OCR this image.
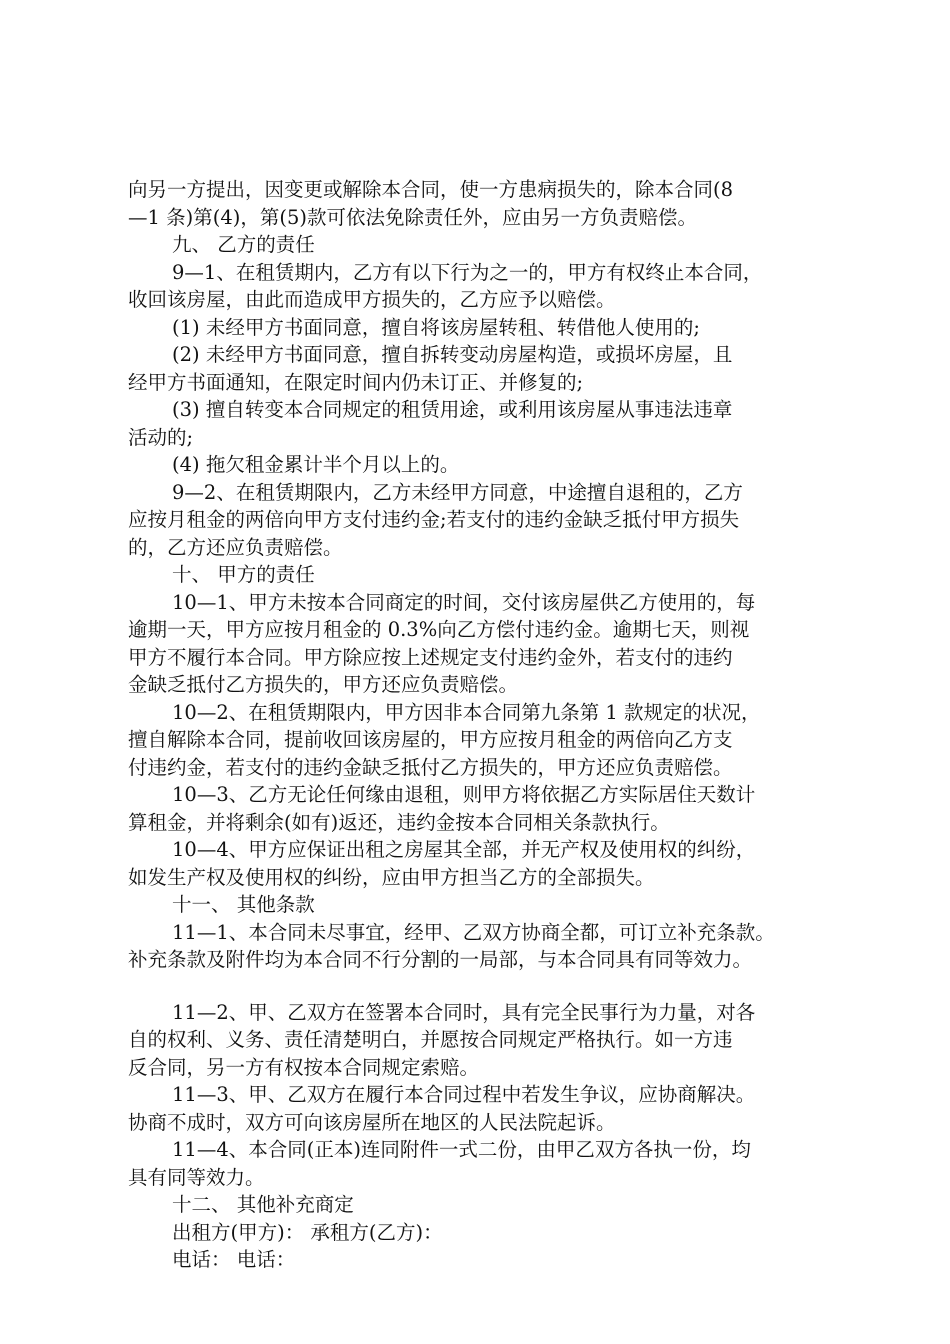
向另一方提出，因变更或解除本合同，使一方患病损失的，除本合同(8
—1 条)第(4)，第(5)款可依法免除责任外，应由另一方负责赔偿。
九、 乙方的责任
9—1、在租赁期内，乙方有以下行为之一的，甲方有权终止本合同，
收回该房屋，由此而造成甲方损失的，乙方应予以赔偿。
(1) 未经甲方书面同意，擅自将该房屋转租、转借他人使用的;
(2) 未经甲方书面同意，擅自拆转变动房屋构造，或损坏房屋，且
经甲方书面通知，在限定时间内仍未订正、并修复的;
(3) 擅自转变本合同规定的租赁用途，或利用该房屋从事违法违章
活动的;
(4) 拖欠租金累计半个月以上的。
9—2、在租赁期限内，乙方未经甲方同意，中途擅自退租的，乙方
应按月租金的两倍向甲方支付违约金;若支付的违约金缺乏抵付甲方损失
的，乙方还应负责赔偿。
十、 甲方的责任
10—1、甲方未按本合同商定的时间，交付该房屋供乙方使用的，每
逾期一天，甲方应按月租金的 0.3%向乙方偿付违约金。逾期七天，则视
甲方不履行本合同。甲方除应按上述规定支付违约金外，若支付的违约
金缺乏抵付乙方损失的，甲方还应负责赔偿。
10—2、在租赁期限内，甲方因非本合同第九条第 1 款规定的状况，
擅自解除本合同，提前收回该房屋的，甲方应按月租金的两倍向乙方支
付违约金，若支付的违约金缺乏抵付乙方损失的，甲方还应负责赔偿。
10—3、乙方无论任何缘由退租，则甲方将依据乙方实际居住天数计
算租金，并将剩余(如有)返还，违约金按本合同相关条款执行。
10—4、甲方应保证出租之房屋其全部，并无产权及使用权的纠纷，
如发生产权及使用权的纠纷，应由甲方担当乙方的全部损失。
十一、 其他条款
11—1、本合同未尽事宜，经甲、乙双方协商全都，可订立补充条款。
补充条款及附件均为本合同不行分割的一局部，与本合同具有同等效力。
11—2、甲、乙双方在签署本合同时，具有完全民事行为力量，对各
自的权利、义务、责任清楚明白，并愿按合同规定严格执行。如一方违
反合同，另一方有权按本合同规定索赔。
11—3、甲、乙双方在履行本合同过程中若发生争议，应协商解决。
协商不成时，双方可向该房屋所在地区的人民法院起诉。
11—4、本合同(正本)连同附件一式二份，由甲乙双方各执一份，均
具有同等效力。
十二、 其他补充商定
出租方(甲方)： 承租方(乙方)：
电话： 电话：
